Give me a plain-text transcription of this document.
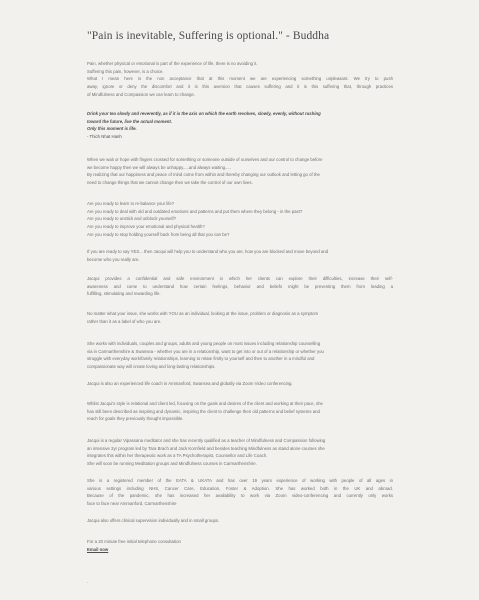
"Pain is inevitable, Suffering is optional." - Buddha
Pain, whether physical or emotional is part of the experience of life, there is no avoiding it.
Suffering this pain, however, is a choice.
What I mean here is the non acceptance that at this moment we are experiencing something unpleasant. We try to push
away, ignore or deny the discomfort and it is this aversion that causes suffering and it is this suffering that, through practices
of Mindfulness and Compassion we can learn to change.
Drink your tea slowly and reverently, as if it is the axis on which the earth revolves, slowly, evenly, without rushing
toward the future, live the actual moment.
Only this moment is life.
- Thich Nhat Hanh
When we wait or hope with fingers crossed for something or someone outside of ourselves and our control to change before
we become happy then we will always be unhappy.....and always waiting.....
By realizing that our happiness and peace of mind come from within and thereby changing our outlook and letting go of the
need to change things that we cannot change then we take the control of our own lives.
Are you ready to learn to re-balance your life?
Are you ready to deal with old and outdated emotions and patterns and put them where they belong - in the past?
Are you ready to unstick and unblock yourself?
Are you ready to improve your emotional and physical health?
Are you ready to stop holding yourself back from being all that you can be?
If you are ready to say YES... then Jacqui will help you to understand who you are, how you are blocked and move beyond and
become who you really are.
Jacqui provides a confidential and safe environment in which her clients can explore their difficulties, increase their self-
awareness and come to understand how certain feelings, behavior and beliefs might be preventing them from leading a
fulfilling, stimulating and rewarding life.
No matter what your issue, she works with YOU as an individual, looking at the issue, problem or diagnosis as a symptom
rather than it as a label of who you are.
She works with individuals, couples and groups, adults and young people on most issues including relationship counselling
via in Carmarthenshire & Swansea - whether you are in a relationship, want to get into or out of a relationship or whether you
struggle with everyday work/family relationships, learning to relate firstly to yourself and then to another in a mindful and
compassionate way will create loving and long-lasting relationships.
Jacqui is also an experienced life coach in Ammanford, Swansea and globally via Zoom Video conferencing.
Whilst Jacqui's style is relational and client led, focusing on the goals and desires of the client and working at their pace, she
has still been described as inspiring and dynamic, inspiring the client to challenge their old patterns and belief systems and
reach for goals they previously thought impossible.
Jacqui is a regular Vipassana meditator and she has recently qualified as a teacher of Mindfulness and Compassion following
an intensive 2yr program led by Tara Brach and Jack Kornfield and besides teaching Mindfulness as stand alone courses she
integrates this within her therapeutic work as a TA Psychotherapist, Counsellor and Life Coach.
She will soon be running Meditation groups and Mindfulness courses in Carmarthenshire.
She is a registered member of the EATA & UKATA and has over 19 years experience of working with people of all ages in
various settings including NHS, Cancer Care, Education, Foster & Adoption. She has worked both in the UK and abroad.
Because of the pandemic, she has increased her availability to work via Zoom video-conferencing and currently only works
face to face near Ammanford, Carmarthenshire
Jacqui also offers clinical supervision individually and in small groups.
For a 20 minute free initial telephone consultation
Email now
.
